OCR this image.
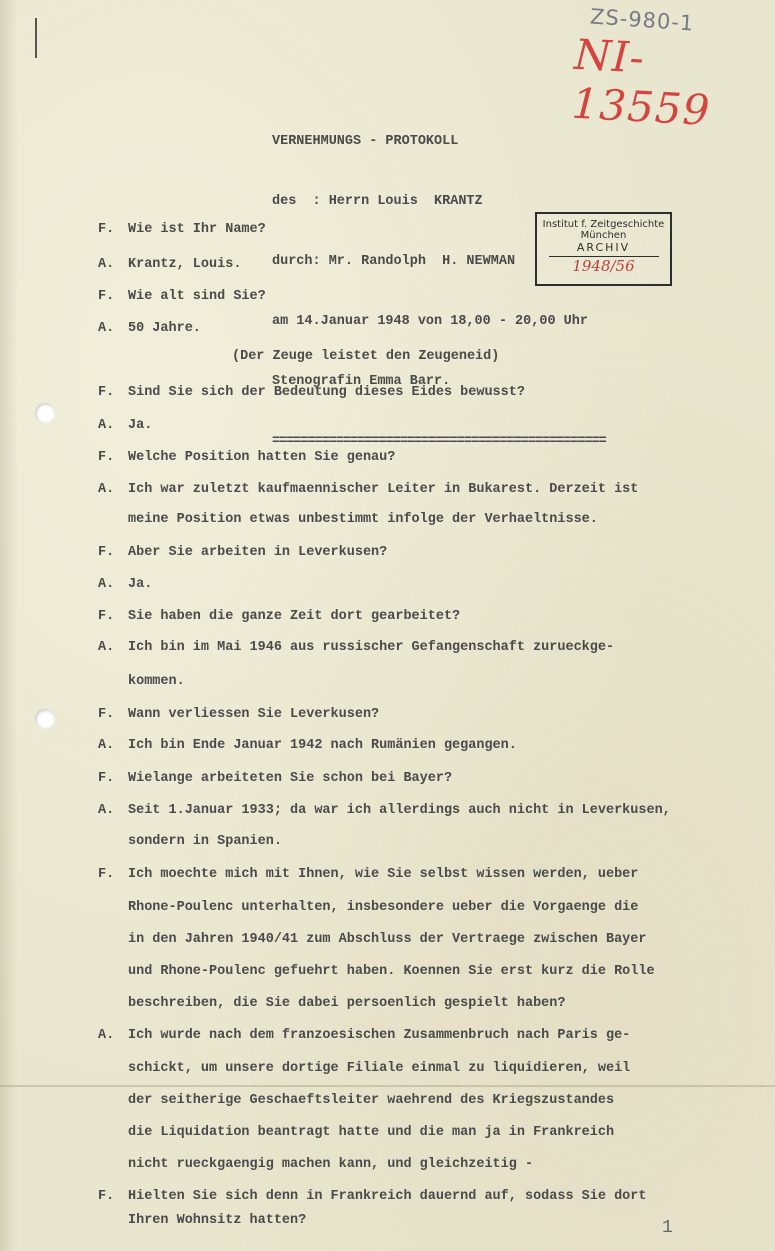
ZS-980-1
NI-13559

VERNEHMUNGS - PROTOKOLL

des  : Herrn Louis  KRANTZ

durch: Mr. Randolph  H. NEWMAN

am 14.Januar 1948 von 18,00 - 20,00 Uhr

Stenografin Emma Barr.

===============================================

Institut f. Zeitgeschichte
München
ARCHIV
1948/56
F. Wie ist Ihr Name?
A. Krantz, Louis.
F. Wie alt sind Sie?
A. 50 Jahre.
(Der Zeuge leistet den Zeugeneid)
F. Sind Sie sich der Bedeutung dieses Eides bewusst?
A. Ja.
F. Welche Position hatten Sie genau?
A. Ich war zuletzt kaufmaennischer Leiter in Bukarest. Derzeit ist
meine Position etwas unbestimmt infolge der Verhaeltnisse.
F. Aber Sie arbeiten in Leverkusen?
A. Ja.
F. Sie haben die ganze Zeit dort gearbeitet?
A. Ich bin im Mai 1946 aus russischer Gefangenschaft zurueckge-
kommen.
F. Wann verliessen Sie Leverkusen?
A. Ich bin Ende Januar 1942 nach Rumänien gegangen.
F. Wielange arbeiteten Sie schon bei Bayer?
A. Seit 1.Januar 1933; da war ich allerdings auch nicht in Leverkusen,
sondern in Spanien.
F. Ich moechte mich mit Ihnen, wie Sie selbst wissen werden, ueber
Rhone-Poulenc unterhalten, insbesondere ueber die Vorgaenge die
in den Jahren 1940/41 zum Abschluss der Vertraege zwischen Bayer
und Rhone-Poulenc gefuehrt haben. Koennen Sie erst kurz die Rolle
beschreiben, die Sie dabei persoenlich gespielt haben?
A. Ich wurde nach dem franzoesischen Zusammenbruch nach Paris ge-
schickt, um unsere dortige Filiale einmal zu liquidieren, weil
der seitherige Geschaeftsleiter waehrend des Kriegszustandes
die Liquidation beantragt hatte und die man ja in Frankreich
nicht rueckgaengig machen kann, und gleichzeitig -
F. Hielten Sie sich denn in Frankreich dauernd auf, sodass Sie dort
Ihren Wohnsitz hatten?	1
